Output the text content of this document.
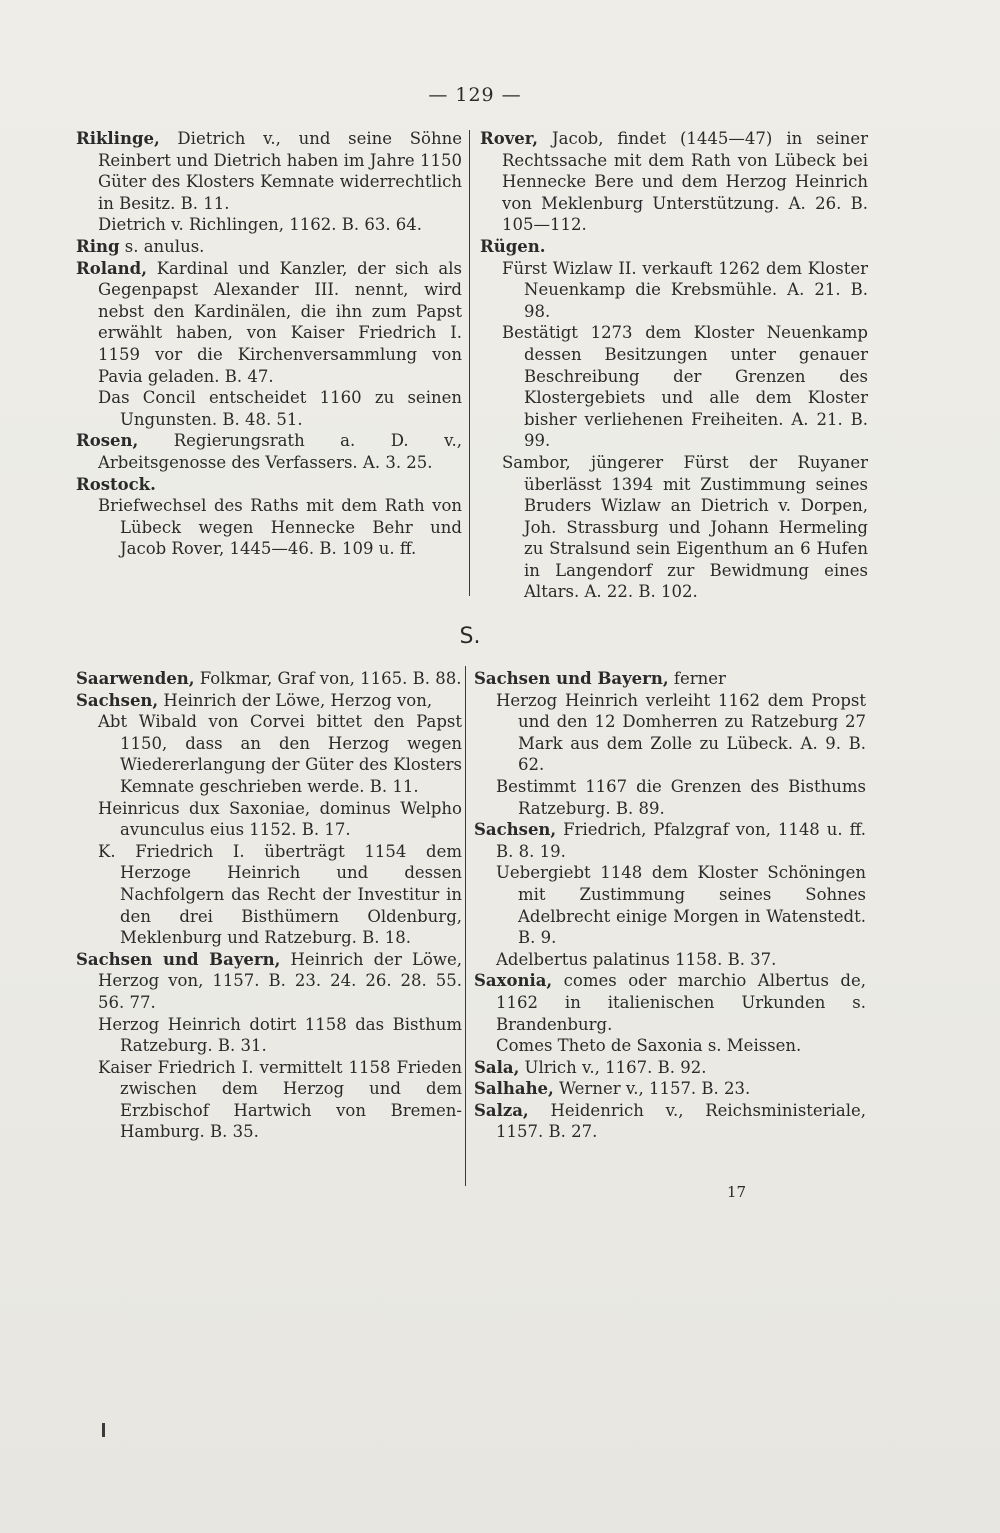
— 129 —

Riklinge, Dietrich v., und seine Söhne Reinbert und Dietrich haben im Jahre 1150 Güter des Klosters Kemnate widerrechtlich in Besitz. B. 11.

Dietrich v. Richlingen, 1162. B. 63. 64.

Ring s. anulus.

Roland, Kardinal und Kanzler, der sich als Gegenpapst Alexander III. nennt, wird nebst den Kardinälen, die ihn zum Papst erwählt haben, von Kaiser Friedrich I. 1159 vor die Kirchenversammlung von Pavia geladen. B. 47.

Das Concil entscheidet 1160 zu seinen Ungunsten. B. 48. 51.

Rosen, Regierungsrath a. D. v., Arbeitsgenosse des Verfassers. A. 3. 25.

Rostock.

Briefwechsel des Raths mit dem Rath von Lübeck wegen Hennecke Behr und Jacob Rover, 1445—46. B. 109 u. ff.

Rover, Jacob, findet (1445—47) in seiner Rechtssache mit dem Rath von Lübeck bei Hennecke Bere und dem Herzog Heinrich von Meklenburg Unterstützung. A. 26. B. 105—112.

Rügen.

Fürst Wizlaw II. verkauft 1262 dem Kloster Neuenkamp die Krebsmühle. A. 21. B. 98.

Bestätigt 1273 dem Kloster Neuenkamp dessen Besitzungen unter genauer Beschreibung der Grenzen des Klostergebiets und alle dem Kloster bisher verliehenen Freiheiten. A. 21. B. 99.

Sambor, jüngerer Fürst der Ruyaner überlässt 1394 mit Zustimmung seines Bruders Wizlaw an Dietrich v. Dorpen, Joh. Strassburg und Johann Hermeling zu Stralsund sein Eigenthum an 6 Hufen in Langendorf zur Bewidmung eines Altars. A. 22. B. 102.

S.

Saarwenden, Folkmar, Graf von, 1165. B. 88.

Sachsen, Heinrich der Löwe, Herzog von,

Abt Wibald von Corvei bittet den Papst 1150, dass an den Herzog wegen Wiedererlangung der Güter des Klosters Kemnate geschrieben werde. B. 11.

Heinricus dux Saxoniae, dominus Welpho avunculus eius 1152. B. 17.

K. Friedrich I. überträgt 1154 dem Herzoge Heinrich und dessen Nachfolgern das Recht der Investitur in den drei Bisthümern Oldenburg, Meklenburg und Ratzeburg. B. 18.

Sachsen und Bayern, Heinrich der Löwe, Herzog von, 1157. B. 23. 24. 26. 28. 55. 56. 77.

Herzog Heinrich dotirt 1158 das Bisthum Ratzeburg. B. 31.

Kaiser Friedrich I. vermittelt 1158 Frieden zwischen dem Herzog und dem Erzbischof Hartwich von Bremen-Hamburg. B. 35.

Sachsen und Bayern, ferner

Herzog Heinrich verleiht 1162 dem Propst und den 12 Domherren zu Ratzeburg 27 Mark aus dem Zolle zu Lübeck. A. 9. B. 62.

Bestimmt 1167 die Grenzen des Bisthums Ratzeburg. B. 89.

Sachsen, Friedrich, Pfalzgraf von, 1148 u. ff. B. 8. 19.

Uebergiebt 1148 dem Kloster Schöningen mit Zustimmung seines Sohnes Adelbrecht einige Morgen in Watenstedt. B. 9.

Adelbertus palatinus 1158. B. 37.

Saxonia, comes oder marchio Albertus de, 1162 in italienischen Urkunden s. Brandenburg.

Comes Theto de Saxonia s. Meissen.

Sala, Ulrich v., 1167. B. 92.

Salhahe, Werner v., 1157. B. 23.

Salza, Heidenrich v., Reichsministeriale, 1157. B. 27.

17
